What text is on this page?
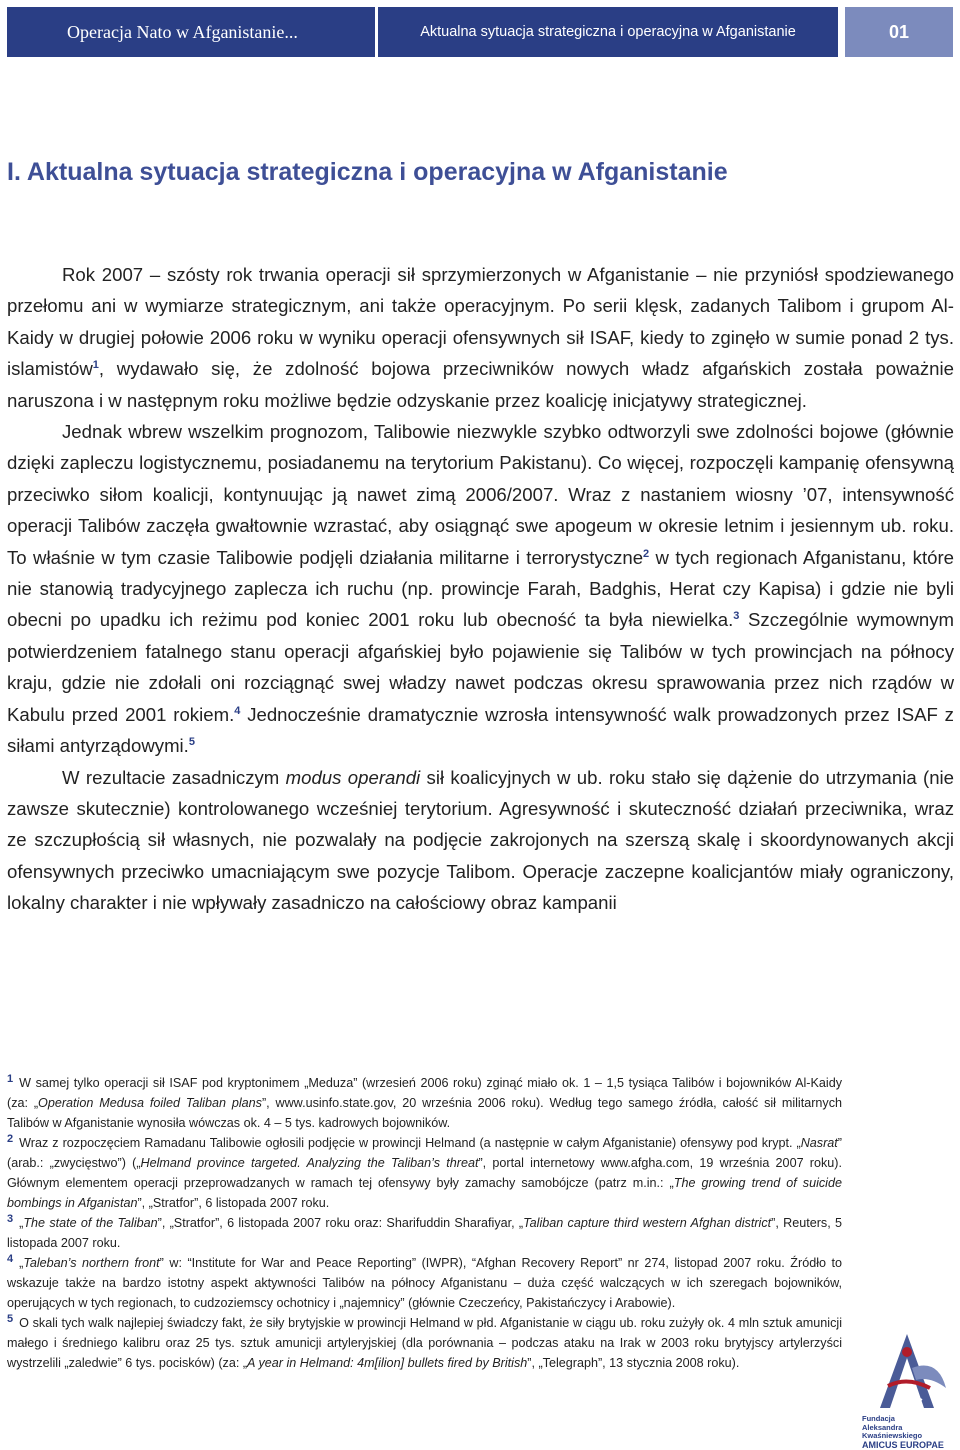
Operacja Nato w Afganistanie...	Aktualna sytuacja strategiczna i operacyjna w Afganistanie	01
I. Aktualna sytuacja strategiczna i operacyjna w Afganistanie

Rok 2007 – szósty rok trwania operacji sił sprzymierzonych w Afganistanie – nie przyniósł spodziewanego przełomu ani w wymiarze strategicznym, ani także operacyjnym. Po serii klęsk, zadanych Talibom i grupom Al-Kaidy w drugiej połowie 2006 roku w wyniku operacji ofensywnych sił ISAF, kiedy to zginęło w sumie ponad 2 tys. islamistów$^1$, wydawało się, że zdolność bojowa przeciwników nowych władz afgańskich została poważnie naruszona i w następnym roku możliwe będzie odzyskanie przez koalicję inicjatywy strategicznej.

Jednak wbrew wszelkim prognozom, Talibowie niezwykle szybko odtworzyli swe zdolności bojowe (głównie dzięki zapleczu logistycznemu, posiadanemu na terytorium Pakistanu). Co więcej, rozpoczęli kampanię ofensywną przeciwko siłom koalicji, kontynuując ją nawet zimą 2006/2007. Wraz z nastaniem wiosny ’07, intensywność operacji Talibów zaczęła gwałtownie wzrastać, aby osiągnąć swe apogeum w okresie letnim i jesiennym ub. roku. To właśnie w tym czasie Talibowie podjęli działania militarne i terrorystyczne$^2$ w tych regionach Afganistanu, które nie stanowią tradycyjnego zaplecza ich ruchu (np. prowincje Farah, Badghis, Herat czy Kapisa) i gdzie nie byli obecni po upadku ich reżimu pod koniec 2001 roku lub obecność ta była niewielka.$^3$ Szczególnie wymownym potwierdzeniem fatalnego stanu operacji afgańskiej było pojawienie się Talibów w tych prowincjach na północy kraju, gdzie nie zdołali oni rozciągnąć swej władzy nawet podczas okresu sprawowania przez nich rządów w Kabulu przed 2001 rokiem.$^4$ Jednocześnie dramatycznie wzrosła intensywność walk prowadzonych przez ISAF z siłami antyrządowymi.$^5$

W rezultacie zasadniczym modus operandi sił koalicyjnych w ub. roku stało się dążenie do utrzymania (nie zawsze skutecznie) kontrolowanego wcześniej terytorium. Agresywność i skuteczność działań przeciwnika, wraz ze szczupłością sił własnych, nie pozwalały na podjęcie zakrojonych na szerszą skalę i skoordynowanych akcji ofensywnych przeciwko umacniającym swe pozycje Talibom. Operacje zaczepne koalicjantów miały ograniczony, lokalny charakter i nie wpływały zasadniczo na całościowy obraz kampanii

1 W samej tylko operacji sił ISAF pod kryptonimem „Meduza” (wrzesień 2006 roku) zginąć miało ok. 1 – 1,5 tysiąca Talibów i bojowników Al-Kaidy (za: „Operation Medusa foiled Taliban plans”, www.usinfo.state.gov, 20 września 2006 roku). Według tego samego źródła, całość sił militarnych Talibów w Afganistanie wynosiła wówczas ok. 4 – 5 tys. kadrowych bojowników.

2 Wraz z rozpoczęciem Ramadanu Talibowie ogłosili podjęcie w prowincji Helmand (a następnie w całym Afganistanie) ofensywy pod krypt. „Nasrat” (arab.: „zwycięstwo”) („Helmand province targeted. Analyzing the Taliban’s threat”, portal internetowy www.afgha.com, 19 września 2007 roku). Głównym elementem operacji przeprowadzanych w ramach tej ofensywy były zamachy samobójcze (patrz m.in.: „The growing trend of suicide bombings in Afganistan”, „Stratfor”, 6 listopada 2007 roku.

3 „The state of the Taliban”, „Stratfor”, 6 listopada 2007 roku oraz: Sharifuddin Sharafiyar, „Taliban capture third western Afghan district”, Reuters, 5 listopada 2007 roku.

4 „Taleban’s northern front” w: “Institute for War and Peace Reporting” (IWPR), “Afghan Recovery Report” nr 274, listopad 2007 roku. Źródło to wskazuje także na bardzo istotny aspekt aktywności Talibów na północy Afganistanu – duża część walczących w ich szeregach bojowników, operujących w tych regionach, to cudzoziemscy ochotnicy i „najemnicy” (głównie Czeczeńcy, Pakistańczycy i Arabowie).

5 O skali tych walk najlepiej świadczy fakt, że siły brytyjskie w prowincji Helmand w płd. Afganistanie w ciągu ub. roku zużyły ok. 4 mln sztuk amunicji małego i średniego kalibru oraz 25 tys. sztuk amunicji artyleryjskiej (dla porównania – podczas ataku na Irak w 2003 roku brytyjscy artylerzyści wystrzelili „zaledwie” 6 tys. pocisków) (za: „A year in Helmand: 4m[ilion] bullets fired by British”, „Telegraph”, 13 stycznia 2008 roku).

Fundacja
Aleksandra Kwaśniewskiego
AMICUS EUROPAE
